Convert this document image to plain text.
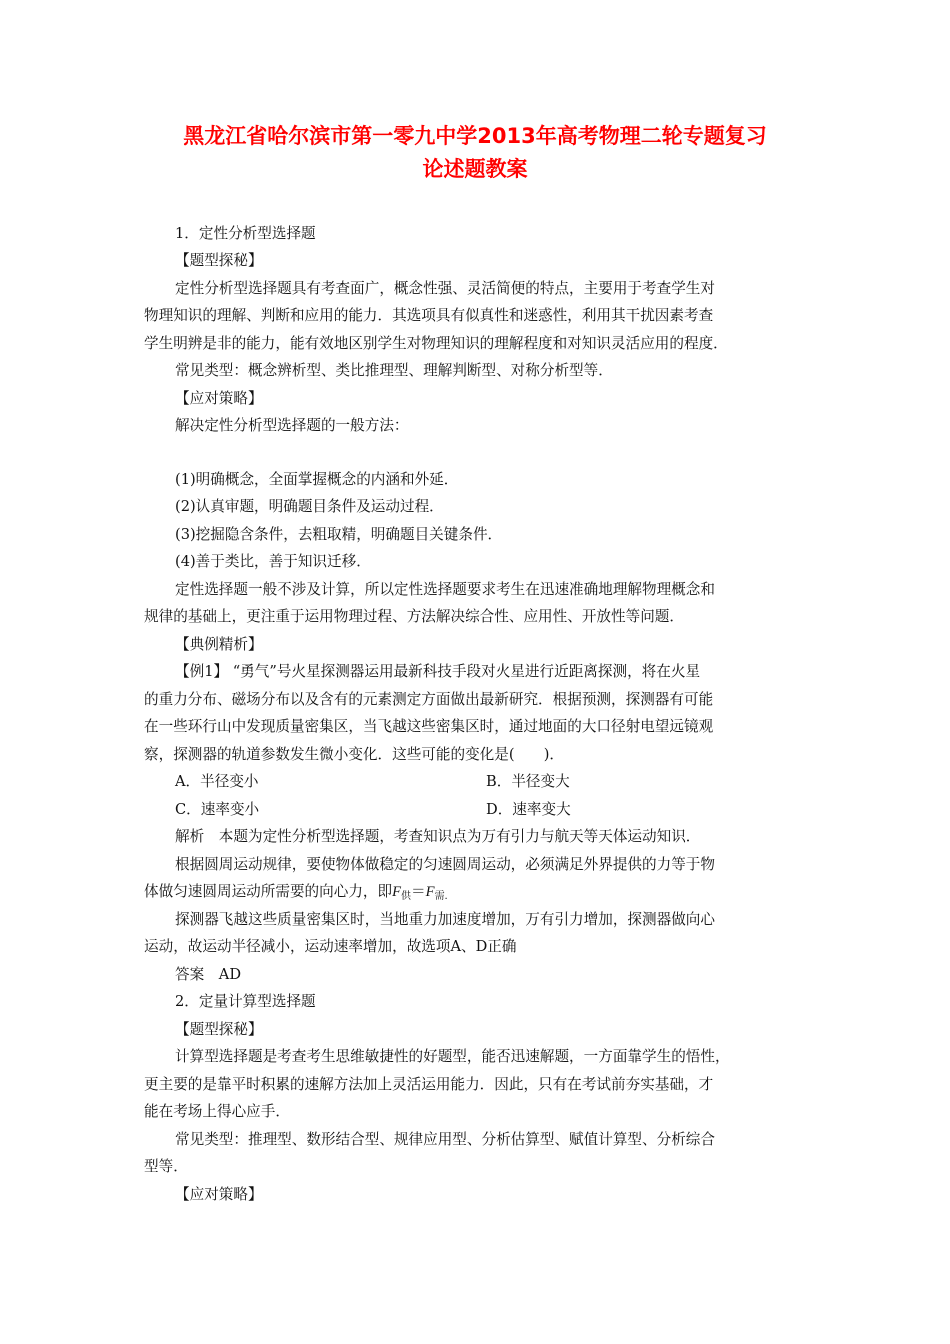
黑龙江省哈尔滨市第一零九中学2013年高考物理二轮专题复习
论述题教案
1．定性分析型选择题
【题型探秘】
定性分析型选择题具有考查面广，概念性强、灵活简便的特点，主要用于考查学生对
物理知识的理解、判断和应用的能力．其选项具有似真性和迷惑性，利用其干扰因素考查
学生明辨是非的能力，能有效地区别学生对物理知识的理解程度和对知识灵活应用的程度．
常见类型：概念辨析型、类比推理型、理解判断型、对称分析型等．
【应对策略】
解决定性分析型选择题的一般方法：
(1)明确概念，全面掌握概念的内涵和外延．
(2)认真审题，明确题目条件及运动过程．
(3)挖掘隐含条件，去粗取精，明确题目关键条件．
(4)善于类比，善于知识迁移．
定性选择题一般不涉及计算，所以定性选择题要求考生在迅速准确地理解物理概念和
规律的基础上，更注重于运用物理过程、方法解决综合性、应用性、开放性等问题．
【典例精析】
【例1】 “勇气”号火星探测器运用最新科技手段对火星进行近距离探测，将在火星
的重力分布、磁场分布以及含有的元素测定方面做出最新研究．根据预测，探测器有可能
在一些环行山中发现质量密集区，当飞越这些密集区时，通过地面的大口径射电望远镜观
察，探测器的轨道参数发生微小变化．这些可能的变化是(　　)．
A．半径变小	B．半径变大
C．速率变小	D．速率变大
解析　本题为定性分析型选择题，考查知识点为万有引力与航天等天体运动知识．
根据圆周运动规律，要使物体做稳定的匀速圆周运动，必须满足外界提供的力等于物
体做匀速圆周运动所需要的向心力，即$F_供=F_{需.}$
探测器飞越这些质量密集区时，当地重力加速度增加，万有引力增加，探测器做向心
运动，故运动半径减小，运动速率增加，故选项A、D正确
答案　AD
2．定量计算型选择题
【题型探秘】
计算型选择题是考查考生思维敏捷性的好题型，能否迅速解题，一方面靠学生的悟性，
更主要的是靠平时积累的速解方法加上灵活运用能力．因此，只有在考试前夯实基础，才
能在考场上得心应手．
常见类型：推理型、数形结合型、规律应用型、分析估算型、赋值计算型、分析综合
型等．
【应对策略】
